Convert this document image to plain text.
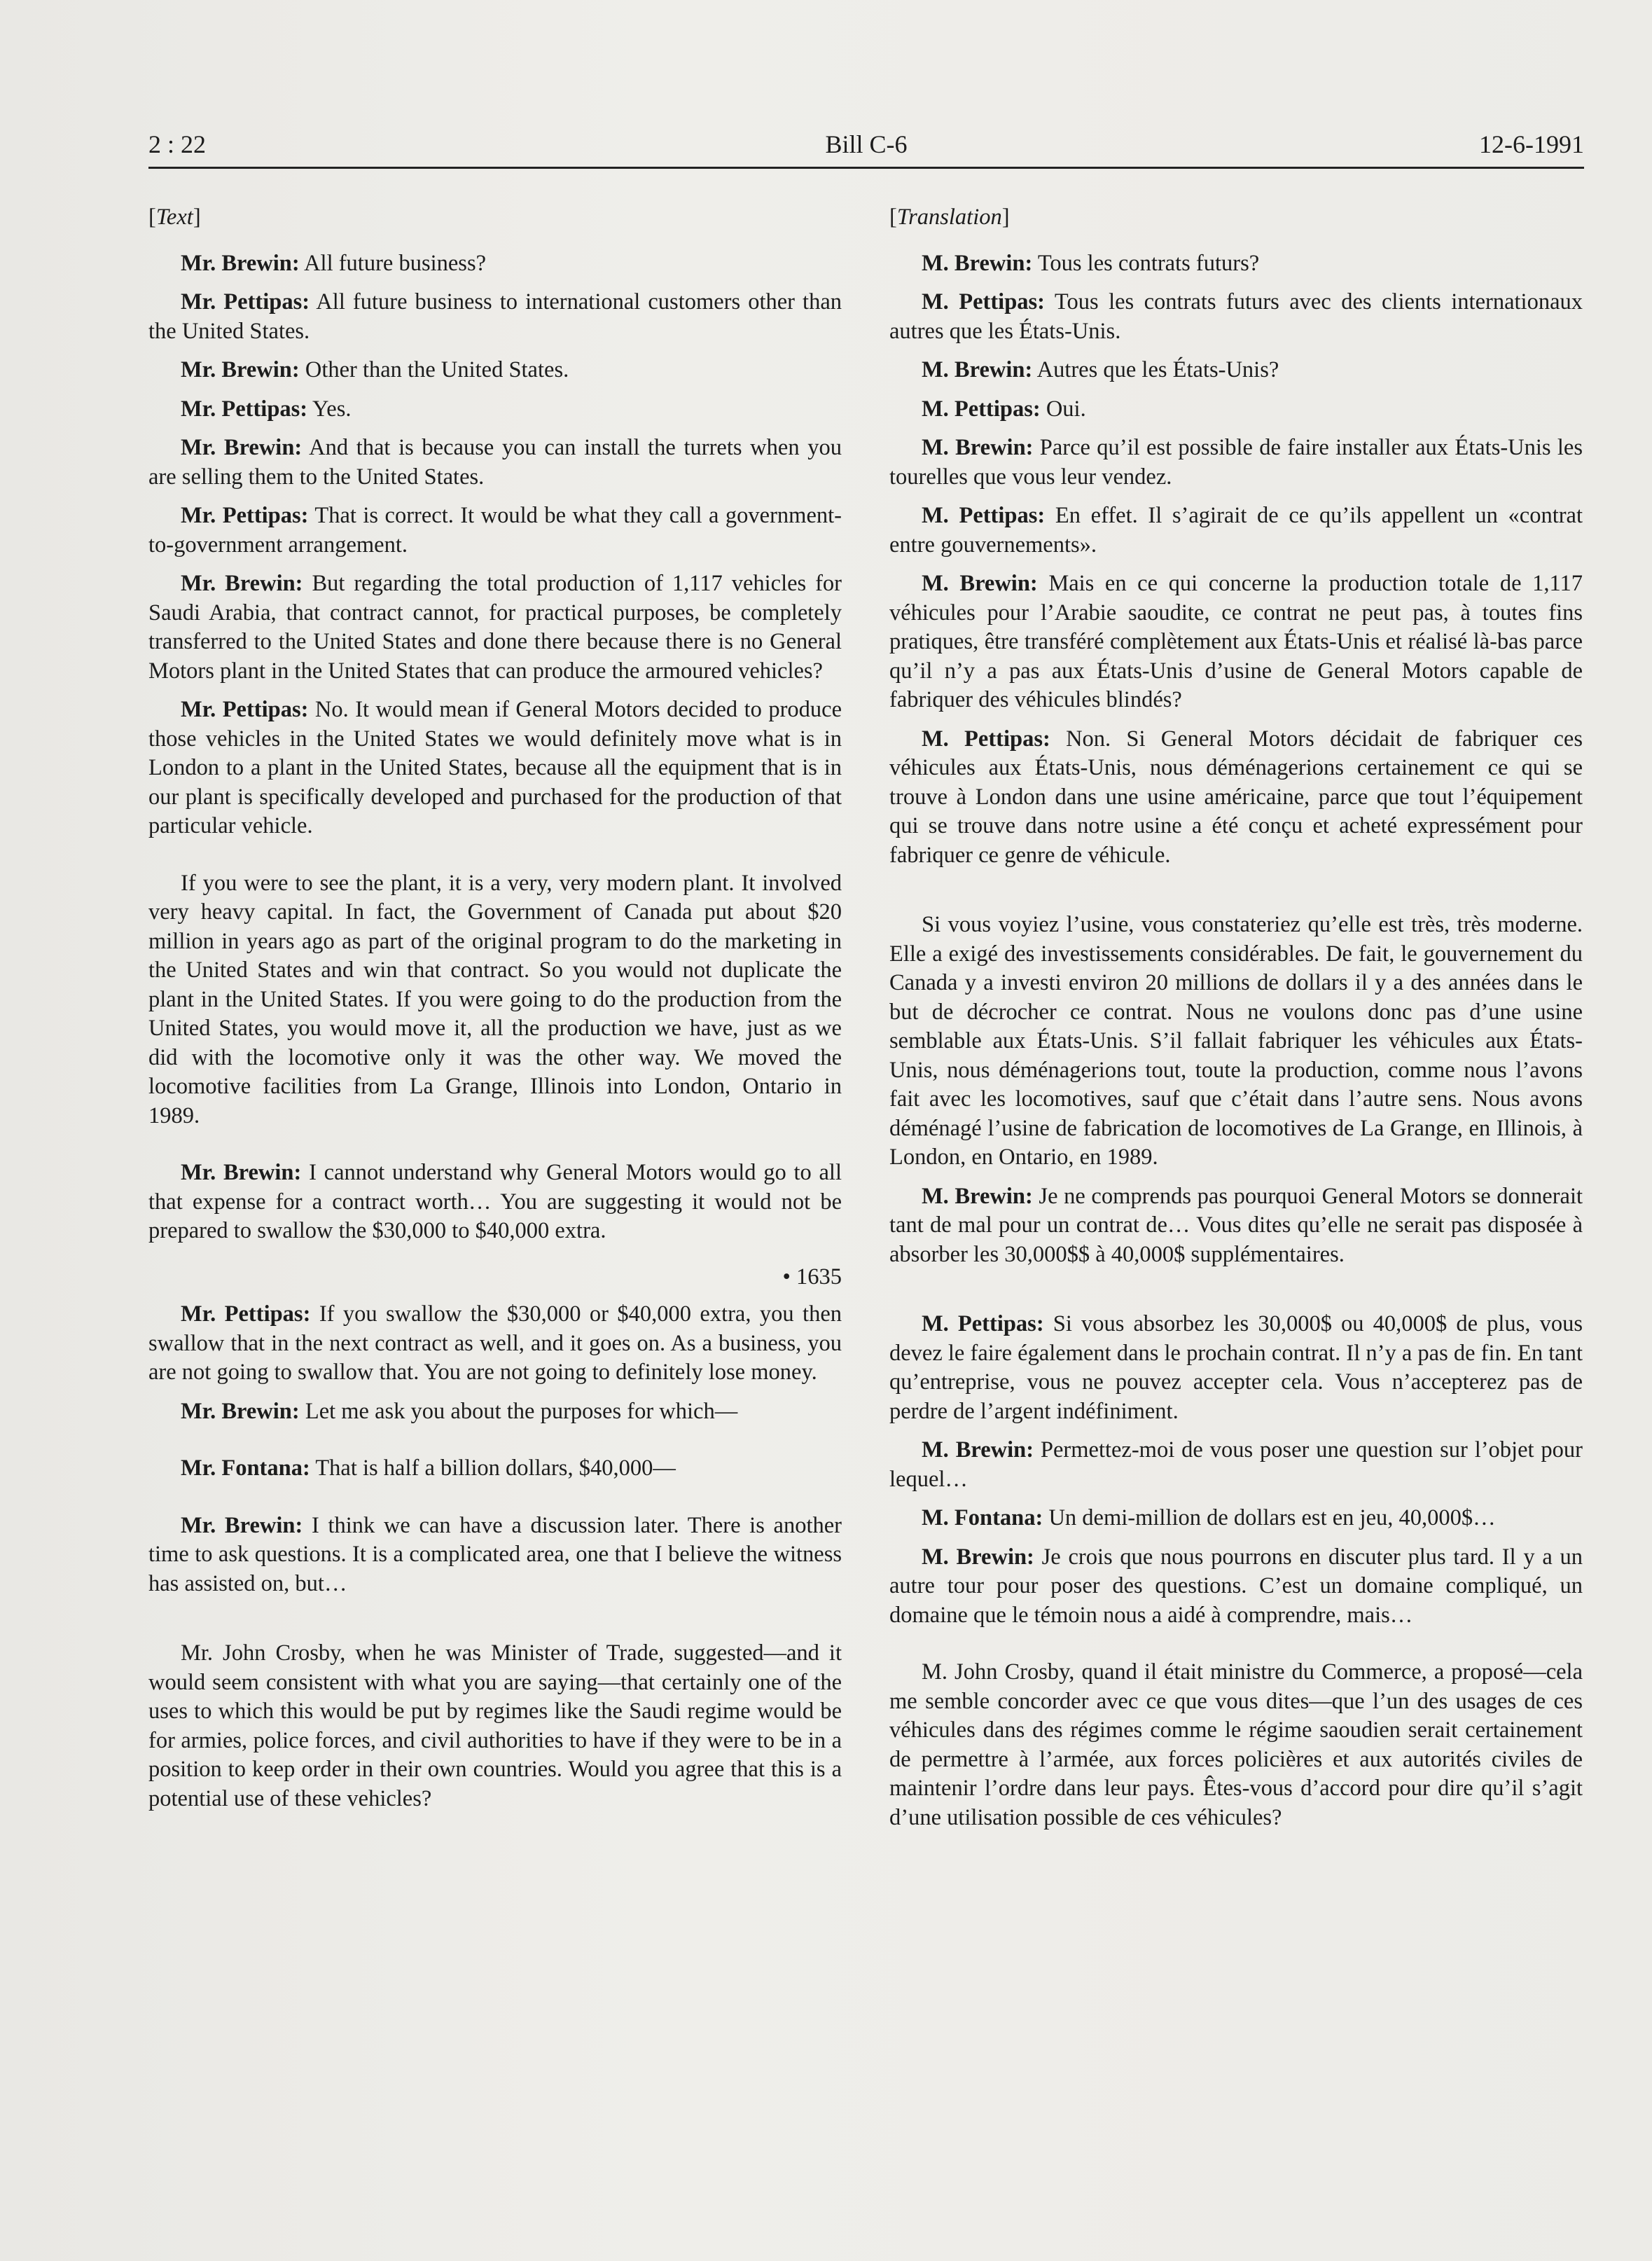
2 : 22	Bill C-6	12-6-1991

[Text]

Mr. Brewin: All future business?

Mr. Pettipas: All future business to international customers other than the United States.

Mr. Brewin: Other than the United States.

Mr. Pettipas: Yes.

Mr. Brewin: And that is because you can install the turrets when you are selling them to the United States.

Mr. Pettipas: That is correct. It would be what they call a government-to-government arrangement.

Mr. Brewin: But regarding the total production of 1,117 vehicles for Saudi Arabia, that contract cannot, for practical purposes, be completely transferred to the United States and done there because there is no General Motors plant in the United States that can produce the armoured vehicles?

Mr. Pettipas: No. It would mean if General Motors decided to produce those vehicles in the United States we would definitely move what is in London to a plant in the United States, because all the equipment that is in our plant is specifically developed and purchased for the production of that particular vehicle.

If you were to see the plant, it is a very, very modern plant. It involved very heavy capital. In fact, the Government of Canada put about $20 million in years ago as part of the original program to do the marketing in the United States and win that contract. So you would not duplicate the plant in the United States. If you were going to do the production from the United States, you would move it, all the production we have, just as we did with the locomotive only it was the other way. We moved the locomotive facilities from La Grange, Illinois into London, Ontario in 1989.

Mr. Brewin: I cannot understand why General Motors would go to all that expense for a contract worth… You are suggesting it would not be prepared to swallow the $30,000 to $40,000 extra.

• 1635

Mr. Pettipas: If you swallow the $30,000 or $40,000 extra, you then swallow that in the next contract as well, and it goes on. As a business, you are not going to swallow that. You are not going to definitely lose money.

Mr. Brewin: Let me ask you about the purposes for which—

Mr. Fontana: That is half a billion dollars, $40,000—

Mr. Brewin: I think we can have a discussion later. There is another time to ask questions. It is a complicated area, one that I believe the witness has assisted on, but…

Mr. John Crosby, when he was Minister of Trade, suggested—and it would seem consistent with what you are saying—that certainly one of the uses to which this would be put by regimes like the Saudi regime would be for armies, police forces, and civil authorities to have if they were to be in a position to keep order in their own countries. Would you agree that this is a potential use of these vehicles?

[Translation]

M. Brewin: Tous les contrats futurs?

M. Pettipas: Tous les contrats futurs avec des clients internationaux autres que les États-Unis.

M. Brewin: Autres que les États-Unis?

M. Pettipas: Oui.

M. Brewin: Parce qu’il est possible de faire installer aux États-Unis les tourelles que vous leur vendez.

M. Pettipas: En effet. Il s’agirait de ce qu’ils appellent un «contrat entre gouvernements».

M. Brewin: Mais en ce qui concerne la production totale de 1,117 véhicules pour l’Arabie saoudite, ce contrat ne peut pas, à toutes fins pratiques, être transféré complètement aux États-Unis et réalisé là-bas parce qu’il n’y a pas aux États-Unis d’usine de General Motors capable de fabriquer des véhicules blindés?

M. Pettipas: Non. Si General Motors décidait de fabriquer ces véhicules aux États-Unis, nous déménagerions certainement ce qui se trouve à London dans une usine américaine, parce que tout l’équipement qui se trouve dans notre usine a été conçu et acheté expressément pour fabriquer ce genre de véhicule.

Si vous voyiez l’usine, vous constateriez qu’elle est très, très moderne. Elle a exigé des investissements considérables. De fait, le gouvernement du Canada y a investi environ 20 millions de dollars il y a des années dans le but de décrocher ce contrat. Nous ne voulons donc pas d’une usine semblable aux États-Unis. S’il fallait fabriquer les véhicules aux États-Unis, nous déménagerions tout, toute la production, comme nous l’avons fait avec les locomotives, sauf que c’était dans l’autre sens. Nous avons déménagé l’usine de fabrication de locomotives de La Grange, en Illinois, à London, en Ontario, en 1989.

M. Brewin: Je ne comprends pas pourquoi General Motors se donnerait tant de mal pour un contrat de… Vous dites qu’elle ne serait pas disposée à absorber les 30,000$$ à 40,000$ supplémentaires.

M. Pettipas: Si vous absorbez les 30,000$ ou 40,000$ de plus, vous devez le faire également dans le prochain contrat. Il n’y a pas de fin. En tant qu’entreprise, vous ne pouvez accepter cela. Vous n’accepterez pas de perdre de l’argent indéfiniment.

M. Brewin: Permettez-moi de vous poser une question sur l’objet pour lequel…

M. Fontana: Un demi-million de dollars est en jeu, 40,000$…

M. Brewin: Je crois que nous pourrons en discuter plus tard. Il y a un autre tour pour poser des questions. C’est un domaine compliqué, un domaine que le témoin nous a aidé à comprendre, mais…

M. John Crosby, quand il était ministre du Commerce, a proposé—cela me semble concorder avec ce que vous dites—que l’un des usages de ces véhicules dans des régimes comme le régime saoudien serait certainement de permettre à l’armée, aux forces policières et aux autorités civiles de maintenir l’ordre dans leur pays. Êtes-vous d’accord pour dire qu’il s’agit d’une utilisation possible de ces véhicules?
